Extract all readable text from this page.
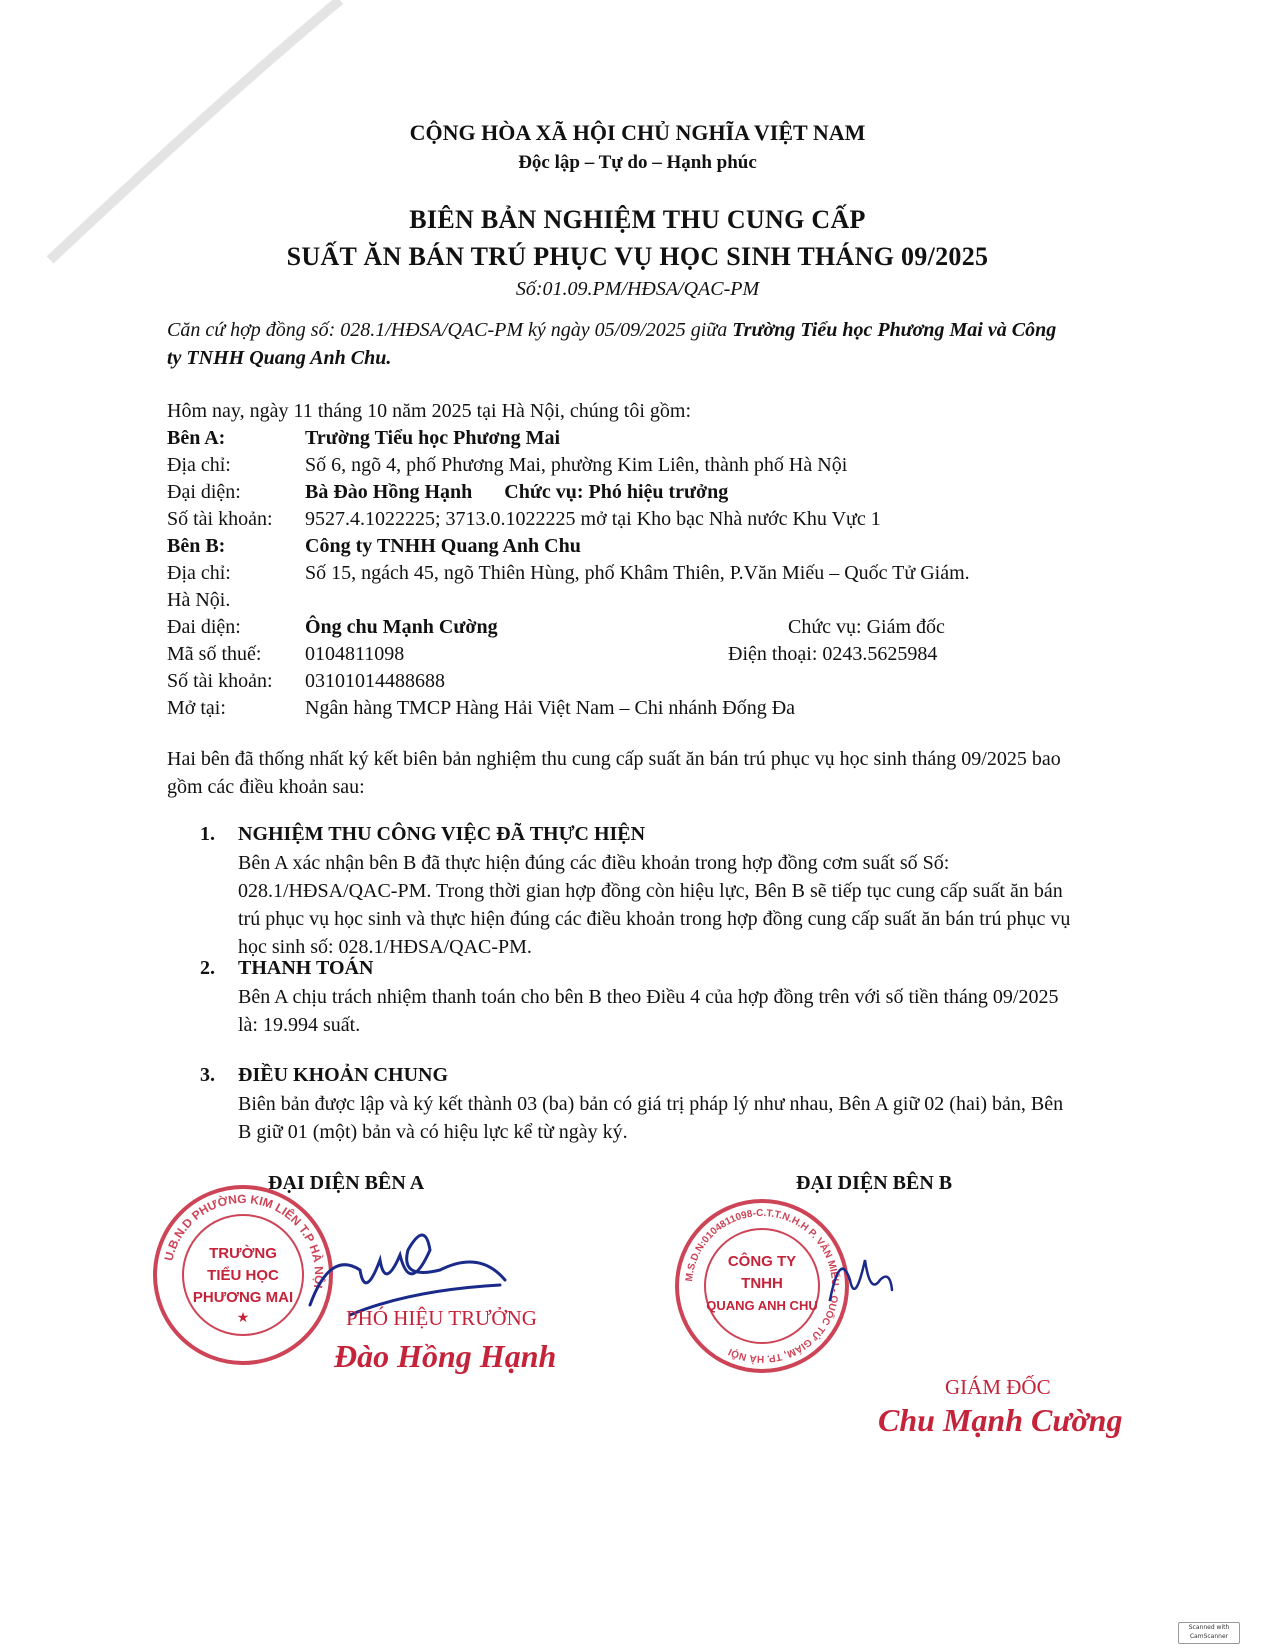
CỘNG HÒA XÃ HỘI CHỦ NGHĨA VIỆT NAM
Độc lập – Tự do – Hạnh phúc
BIÊN BẢN NGHIỆM THU CUNG CẤP
SUẤT ĂN BÁN TRÚ PHỤC VỤ HỌC SINH THÁNG 09/2025
Số:01.09.PM/HĐSA/QAC-PM
Căn cứ hợp đồng số: 028.1/HĐSA/QAC-PM ký ngày 05/09/2025 giữa Trường Tiểu học Phương Mai và Công ty TNHH Quang Anh Chu.
Hôm nay, ngày 11 tháng 10 năm 2025 tại Hà Nội, chúng tôi gồm:
Bên A:	Trường Tiểu học Phương Mai
Địa chỉ:	Số 6, ngõ 4, phố Phương Mai, phường Kim Liên, thành phố Hà Nội
Đại diện:	Bà Đào Hồng Hạnh Chức vụ: Phó hiệu trưởng
Số tài khoản: 9527.4.1022225; 3713.0.1022225 mở tại Kho bạc Nhà nước Khu Vực 1
Bên B:	Công ty TNHH Quang Anh Chu
Địa chỉ:	Số 15, ngách 45, ngõ Thiên Hùng, phố Khâm Thiên, P.Văn Miếu – Quốc Tử Giám.
Hà Nội.
Đai diện:	Ông chu Mạnh Cường	Chức vụ: Giám đốc
Mã số thuế: 0104811098	Điện thoại: 0243.5625984
Số tài khoản: 03101014488688
Mở tại:	Ngân hàng TMCP Hàng Hải Việt Nam – Chi nhánh Đống Đa
Hai bên đã thống nhất ký kết biên bản nghiệm thu cung cấp suất ăn bán trú phục vụ học sinh tháng 09/2025 bao gồm các điều khoản sau:
1. NGHIỆM THU CÔNG VIỆC ĐÃ THỰC HIỆN
Bên A xác nhận bên B đã thực hiện đúng các điều khoản trong hợp đồng cơm suất số Số: 028.1/HĐSA/QAC-PM. Trong thời gian hợp đồng còn hiệu lực, Bên B sẽ tiếp tục cung cấp suất ăn bán trú phục vụ học sinh và thực hiện đúng các điều khoản trong hợp đồng cung cấp suất ăn bán trú phục vụ học sinh số: 028.1/HĐSA/QAC-PM.
2. THANH TOÁN
Bên A chịu trách nhiệm thanh toán cho bên B theo Điều 4 của hợp đồng trên với số tiền tháng 09/2025 là: 19.994 suất.
3. ĐIỀU KHOẢN CHUNG
Biên bản được lập và ký kết thành 03 (ba) bản có giá trị pháp lý như nhau, Bên A giữ 02 (hai) bản, Bên B giữ 01 (một) bản và có hiệu lực kể từ ngày ký.
ĐẠI DIỆN BÊN A	ĐẠI DIỆN BÊN B
U.B.N.D PHƯỜNG KIM LIÊN T.P HÀ NỘI
★
TRƯỜNG
TIỂU HỌC
PHƯƠNG MAI
PHÓ HIỆU TRƯỞNG
Đào Hồng Hạnh
M.S.D.N:0104811098-C.T.T.N.H.H P. VĂN MIẾU - QUỐC TỬ GIÁM, TP. HÀ NỘI
CÔNG TY
TNHH
QUANG ANH CHU
GIÁM ĐỐC
Chu Mạnh Cường
Scanned with CamScanner
